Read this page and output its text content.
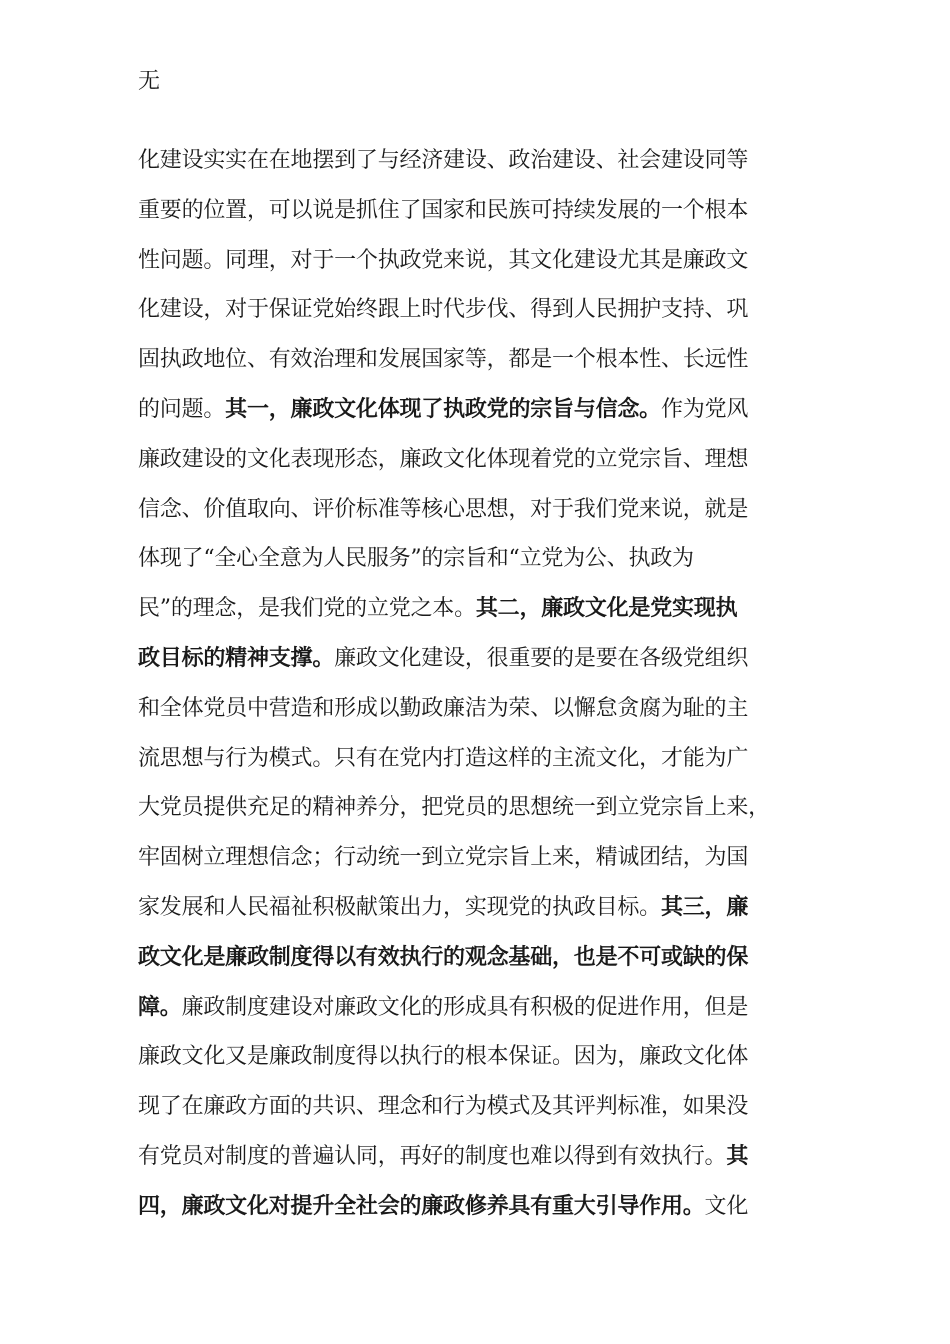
无
化建设实实在在地摆到了与经济建设、政治建设、社会建设同等
重要的位置，可以说是抓住了国家和民族可持续发展的一个根本
性问题。同理，对于一个执政党来说，其文化建设尤其是廉政文
化建设，对于保证党始终跟上时代步伐、得到人民拥护支持、巩
固执政地位、有效治理和发展国家等，都是一个根本性、长远性
的问题。其一，廉政文化体现了执政党的宗旨与信念。作为党风
廉政建设的文化表现形态，廉政文化体现着党的立党宗旨、理想
信念、价值取向、评价标准等核心思想，对于我们党来说，就是
体现了“全心全意为人民服务”的宗旨和“立党为公、执政为
民”的理念，是我们党的立党之本。其二，廉政文化是党实现执
政目标的精神支撑。廉政文化建设，很重要的是要在各级党组织
和全体党员中营造和形成以勤政廉洁为荣、以懈怠贪腐为耻的主
流思想与行为模式。只有在党内打造这样的主流文化，才能为广
大党员提供充足的精神养分，把党员的思想统一到立党宗旨上来，
牢固树立理想信念；行动统一到立党宗旨上来，精诚团结，为国
家发展和人民福祉积极献策出力，实现党的执政目标。其三，廉
政文化是廉政制度得以有效执行的观念基础，也是不可或缺的保
障。廉政制度建设对廉政文化的形成具有积极的促进作用，但是
廉政文化又是廉政制度得以执行的根本保证。因为，廉政文化体
现了在廉政方面的共识、理念和行为模式及其评判标准，如果没
有党员对制度的普遍认同，再好的制度也难以得到有效执行。其
四，廉政文化对提升全社会的廉政修养具有重大引导作用。文化
